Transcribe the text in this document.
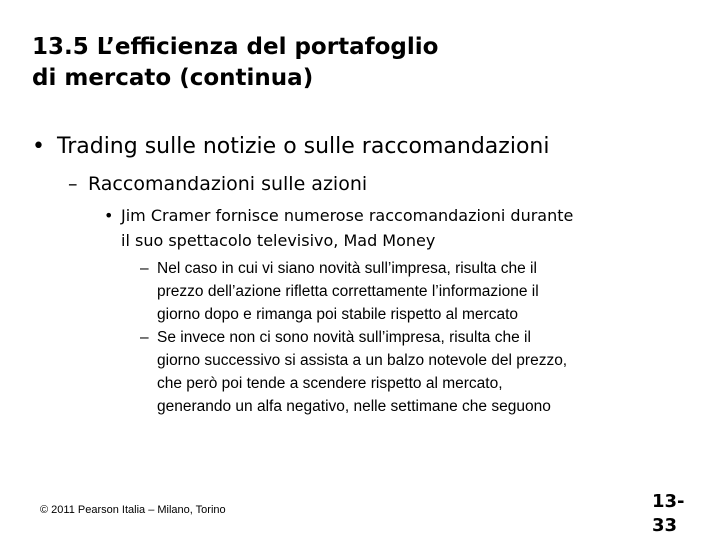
13.5 L’efficienza del portafoglio
di mercato (continua)
• Trading sulle notizie o sulle raccomandazioni
– Raccomandazioni sulle azioni
• Jim Cramer fornisce numerose raccomandazioni durante
il suo spettacolo televisivo, Mad Money
– Nel caso in cui vi siano novità sull’impresa, risulta che il
prezzo dell’azione rifletta correttamente l’informazione il
giorno dopo e rimanga poi stabile rispetto al mercato
– Se invece non ci sono novità sull’impresa, risulta che il
giorno successivo si assista a un balzo notevole del prezzo,
che però poi tende a scendere rispetto al mercato,
generando un alfa negativo, nelle settimane che seguono
© 2011 Pearson Italia – Milano, Torino	13-
33
